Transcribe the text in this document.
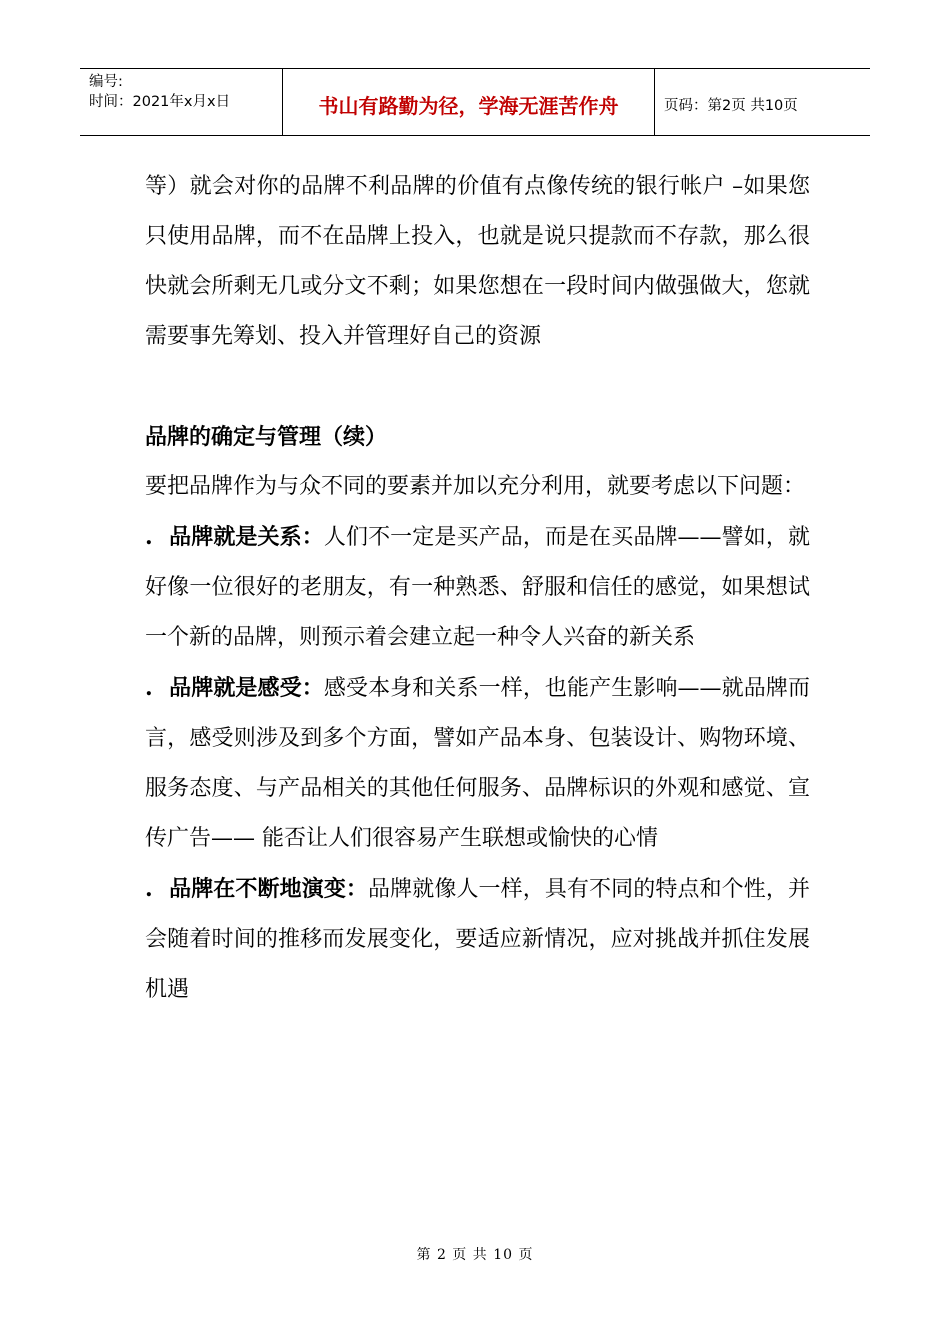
编号:
时间：2021年x月x日	书山有路勤为径，学海无涯苦作舟	页码：第2页 共10页

等）就会对你的品牌不利品牌的价值有点像传统的银行帐户 –如果您只使用品牌，而不在品牌上投入，也就是说只提款而不存款，那么很快就会所剩无几或分文不剩；如果您想在一段时间内做强做大，您就需要事先筹划、投入并管理好自己的资源

品牌的确定与管理（续）

要把品牌作为与众不同的要素并加以充分利用，就要考虑以下问题：

. 品牌就是关系：人们不一定是买产品，而是在买品牌——譬如，就好像一位很好的老朋友，有一种熟悉、舒服和信任的感觉，如果想试一个新的品牌，则预示着会建立起一种令人兴奋的新关系

. 品牌就是感受：感受本身和关系一样，也能产生影响——就品牌而言，感受则涉及到多个方面，譬如产品本身、包装设计、购物环境、服务态度、与产品相关的其他任何服务、品牌标识的外观和感觉、宣传广告—— 能否让人们很容易产生联想或愉快的心情

. 品牌在不断地演变：品牌就像人一样，具有不同的特点和个性，并会随着时间的推移而发展变化，要适应新情况，应对挑战并抓住发展机遇

第 2 页 共 10 页
